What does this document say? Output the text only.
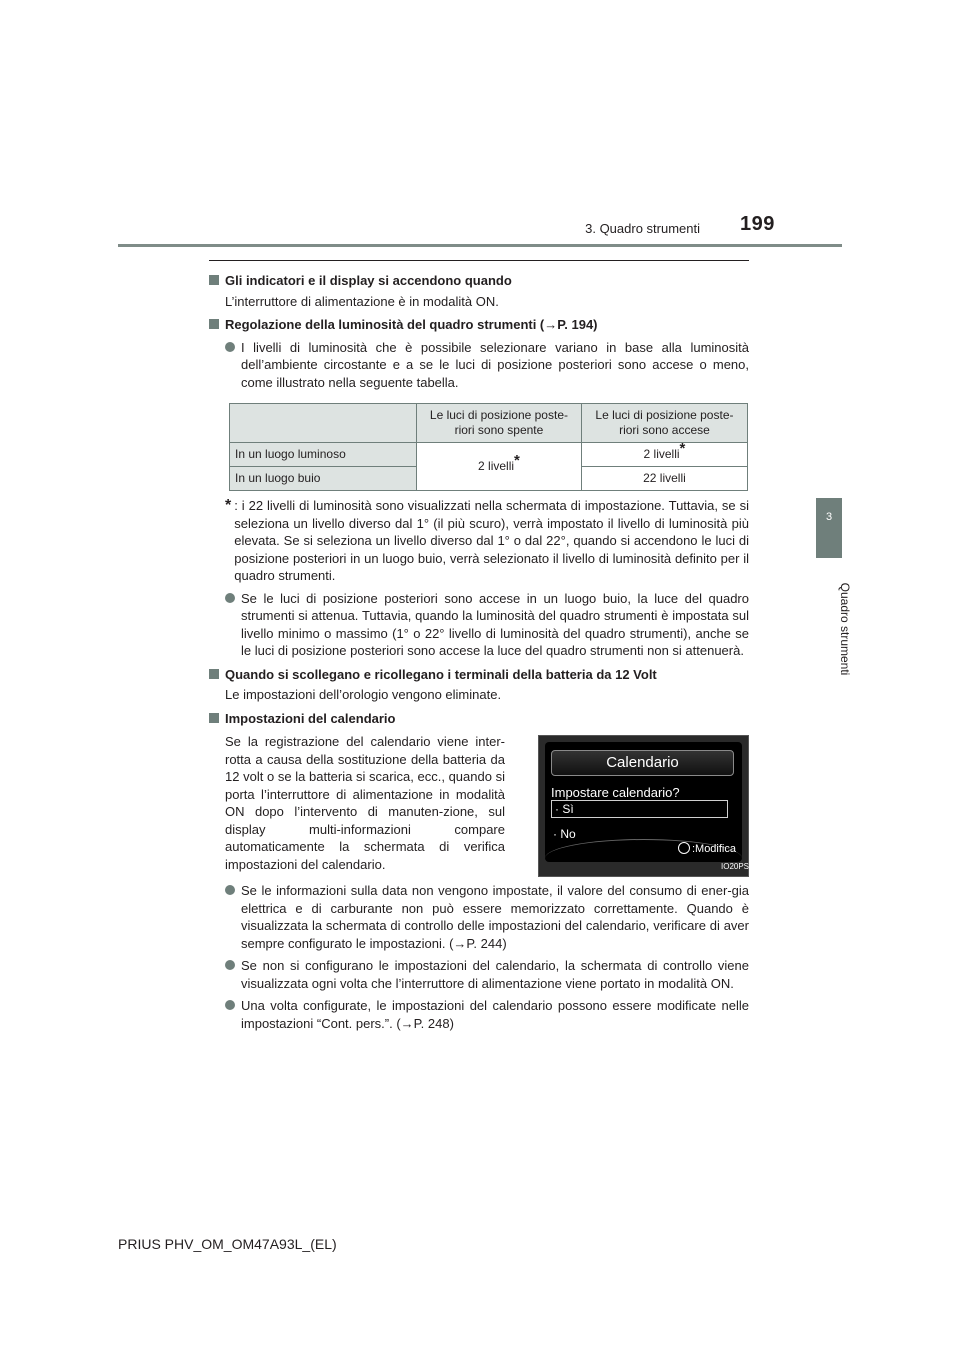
199
3. Quadro strumenti
3
Quadro strumenti
Gli indicatori e il display si accendono quando
L’interruttore di alimentazione è in modalità ON.
Regolazione della luminosità del quadro strumenti (→P. 194)
I livelli di luminosità che è possibile selezionare variano in base alla luminosità dell’ambiente circostante e a se le luci di posizione posteriori sono accese o meno, come illustrato nella seguente tabella.
	Le luci di posizione poste-riori sono spente	Le luci di posizione poste-riori sono accese
In un luogo luminoso	2 livelli*	2 livelli*
In un luogo buio		22 livelli
* : i 22 livelli di luminosità sono visualizzati nella schermata di impostazione. Tuttavia, se si seleziona un livello diverso dal 1° (il più scuro), verrà impostato il livello di luminosità più elevata. Se si seleziona un livello diverso dal 1° o dal 22°, quando si accendono le luci di posizione posteriori in un luogo buio, verrà selezionato il livello di luminosità definito per il quadro strumenti.
Se le luci di posizione posteriori sono accese in un luogo buio, la luce del quadro strumenti si attenua. Tuttavia, quando la luminosità del quadro strumenti è impostata sul livello minimo o massimo (1° o 22° livello di luminosità del quadro strumenti), anche se le luci di posizione posteriori sono accese la luce del quadro strumenti non si attenuerà.
Quando si scollegano e ricollegano i terminali della batteria da 12 Volt
Le impostazioni dell’orologio vengono eliminate.
Impostazioni del calendario
Se la registrazione del calendario viene inter-rotta a causa della sostituzione della batteria da 12 volt o se la batteria si scarica, ecc., quando si porta l’interruttore di alimentazione in modalità ON dopo l’intervento di manuten-zione, sul display multi-informazioni compare automaticamente la schermata di verifica impostazioni del calendario.
Calendario
Impostare calendario?
· Sì
· No
:Modifica
IO20PS020L
Se le informazioni sulla data non vengono impostate, il valore del consumo di ener-gia elettrica e di carburante non può essere memorizzato correttamente. Quando è visualizzata la schermata di controllo delle impostazioni del calendario, verificare di aver sempre configurato le impostazioni. (→P. 244)
Se non si configurano le impostazioni del calendario, la schermata di controllo viene visualizzata ogni volta che l’interruttore di alimentazione viene portato in modalità ON.
Una volta configurate, le impostazioni del calendario possono essere modificate nelle impostazioni “Cont. pers.”. (→P. 248)
PRIUS PHV_OM_OM47A93L_(EL)
